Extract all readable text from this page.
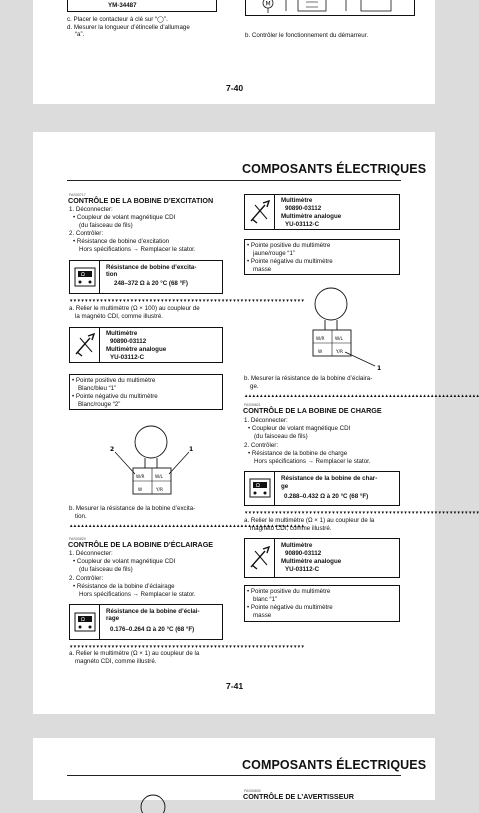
YM-34487
c. Placer le contacteur à clé sur “◯”.
d. Mesurer la longueur d’étincelle d’allumage
“a”.
M
b. Contrôler le fonctionnement du démarreur.
7-40
COMPOSANTS ÉLECTRIQUES
FAS00717
CONTRÔLE DE LA BOBINE D’EXCITATION
1. Déconnecter:
• Coupleur de volant magnétique CDI
(du faisceau de fils)
2. Contrôler:
• Résistance de bobine d’excitation
Hors spécifications → Remplacer le stator.
Ω
Résistance de bobine d’excita-
tion
248–372 Ω à 20 °C (68 °F)
▼▼▼▼▼▼▼▼▼▼▼▼▼▼▼▼▼▼▼▼▼▼▼▼▼▼▼▼▼▼▼▼▼▼▼▼▼▼▼▼▼▼▼▼▼▼▼▼▼▼▼▼▼▼▼▼▼▼▼▼▼▼
a. Relier le multimètre (Ω × 100) au coupleur de
la magnéto CDI, comme illustré.
Multimètre
90890-03112
Multimètre analogue
YU-03112-C
• Pointe positive du multimètre
Blanc/bleu “1”
• Pointe négative du multimètre
Blanc/rouge “2”
W/R	W/L
W	Y/R
2	1
b. Mesurer la résistance de la bobine d’excita-
tion.
▲▲▲▲▲▲▲▲▲▲▲▲▲▲▲▲▲▲▲▲▲▲▲▲▲▲▲▲▲▲▲▲▲▲▲▲▲▲▲▲▲▲▲▲▲▲▲▲▲▲▲▲▲▲▲▲▲▲▲▲▲▲
FAS00820
CONTRÔLE DE LA BOBINE D’ÉCLAIRAGE
1. Déconnecter:
• Coupleur de volant magnétique CDI
(du faisceau de fils)
2. Contrôler:
• Résistance de la bobine d’éclairage
Hors spécifications → Remplacer le stator.
Ω
Résistance de la bobine d’éclai-
rage
0.176–0.264 Ω à 20 °C (68 °F)
▼▼▼▼▼▼▼▼▼▼▼▼▼▼▼▼▼▼▼▼▼▼▼▼▼▼▼▼▼▼▼▼▼▼▼▼▼▼▼▼▼▼▼▼▼▼▼▼▼▼▼▼▼▼▼▼▼▼▼▼▼▼
a. Relier le multimètre (Ω × 1) au coupleur de la
magnéto CDI, comme illustré.
7-41
Multimètre
90890-03112
Multimètre analogue
YU-03112-C
• Pointe positive du multimètre
jaune/rouge “1”
• Pointe négative du multimètre
masse
W/R	W/L
W	Y/R
1
b. Mesurer la résistance de la bobine d’éclaira-
ge.
▲▲▲▲▲▲▲▲▲▲▲▲▲▲▲▲▲▲▲▲▲▲▲▲▲▲▲▲▲▲▲▲▲▲▲▲▲▲▲▲▲▲▲▲▲▲▲▲▲▲▲▲▲▲▲▲▲▲▲▲▲▲
FAS00821
CONTRÔLE DE LA BOBINE DE CHARGE
1. Déconnecter:
• Coupleur de volant magnétique CDI
(du faisceau de fils)
2. Contrôler:
• Résistance de la bobine de charge
Hors spécifications → Remplacer le stator.
Ω
Résistance de la bobine de char-
ge
0.288–0.432 Ω à 20 °C (68 °F)
▼▼▼▼▼▼▼▼▼▼▼▼▼▼▼▼▼▼▼▼▼▼▼▼▼▼▼▼▼▼▼▼▼▼▼▼▼▼▼▼▼▼▼▼▼▼▼▼▼▼▼▼▼▼▼▼▼▼▼▼▼▼
a. Relier le multimètre (Ω × 1) au coupleur de la
magnéto CDI, comme illustré.
Multimètre
90890-03112
Multimètre analogue
YU-03112-C
• Pointe positive du multimètre
blanc “1”
• Pointe négative du multimètre
masse
COMPOSANTS ÉLECTRIQUES
FAS00830
CONTRÔLE DE L’AVERTISSEUR
